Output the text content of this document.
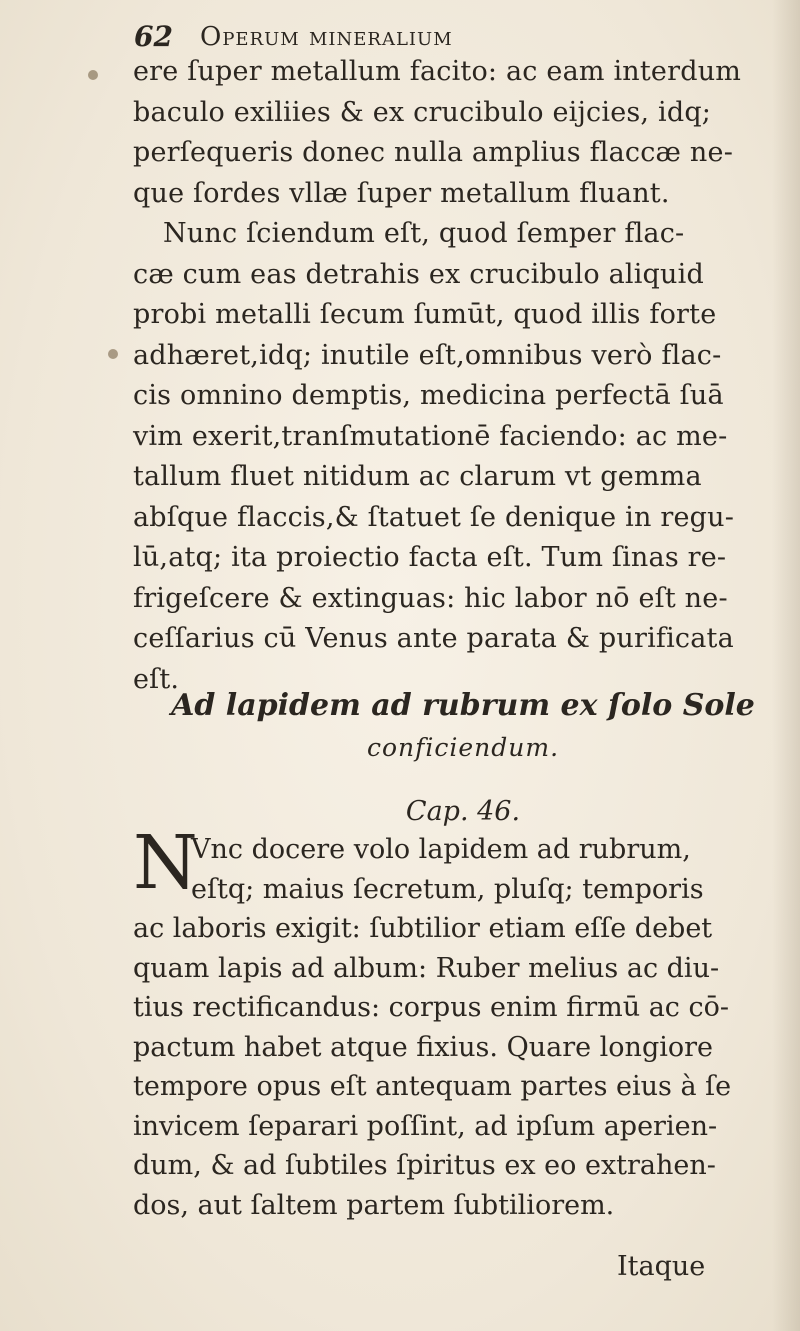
62 Operum mineralium
ere ſuper metallum facito: ac eam interdum
baculo exiliies & ex crucibulo eijcies, idq;
perſequeris donec nulla amplius flaccæ ne-
que ſordes vllæ ſuper metallum fluant.
Nunc ſciendum eſt, quod ſemper flac-
cæ cum eas detrahis ex crucibulo aliquid
probi metalli ſecum ſumūt, quod illis forte
adhæret,idq; inutile eſt,omnibus verò flac-
cis omnino demptis, medicina perfectā ſuā
vim exerit,tranſmutationē faciendo: ac me-
tallum fluet nitidum ac clarum vt gemma
abſque flaccis,& ſtatuet ſe denique in regu-
lū,atq; ita proiectio facta eſt. Tum ſinas re-
frigeſcere & extinguas: hic labor nō eſt ne-
ceſſarius cū Venus ante parata & purificata
eſt.
Ad lapidem ad rubrum ex ſolo Sole
conficiendum.
Cap. 46.
N
Vnc docere volo lapidem ad rubrum,
eſtq; maius ſecretum, pluſq; temporis
ac laboris exigit: ſubtilior etiam eſſe debet
quam lapis ad album: Ruber melius ac diu-
tius rectificandus: corpus enim firmū ac cō-
pactum habet atque fixius. Quare longiore
tempore opus eſt antequam partes eius à ſe
invicem ſeparari poſſint, ad ipſum aperien-
dum, & ad ſubtiles ſpiritus ex eo extrahen-
dos, aut ſaltem partem ſubtiliorem.
Itaque
